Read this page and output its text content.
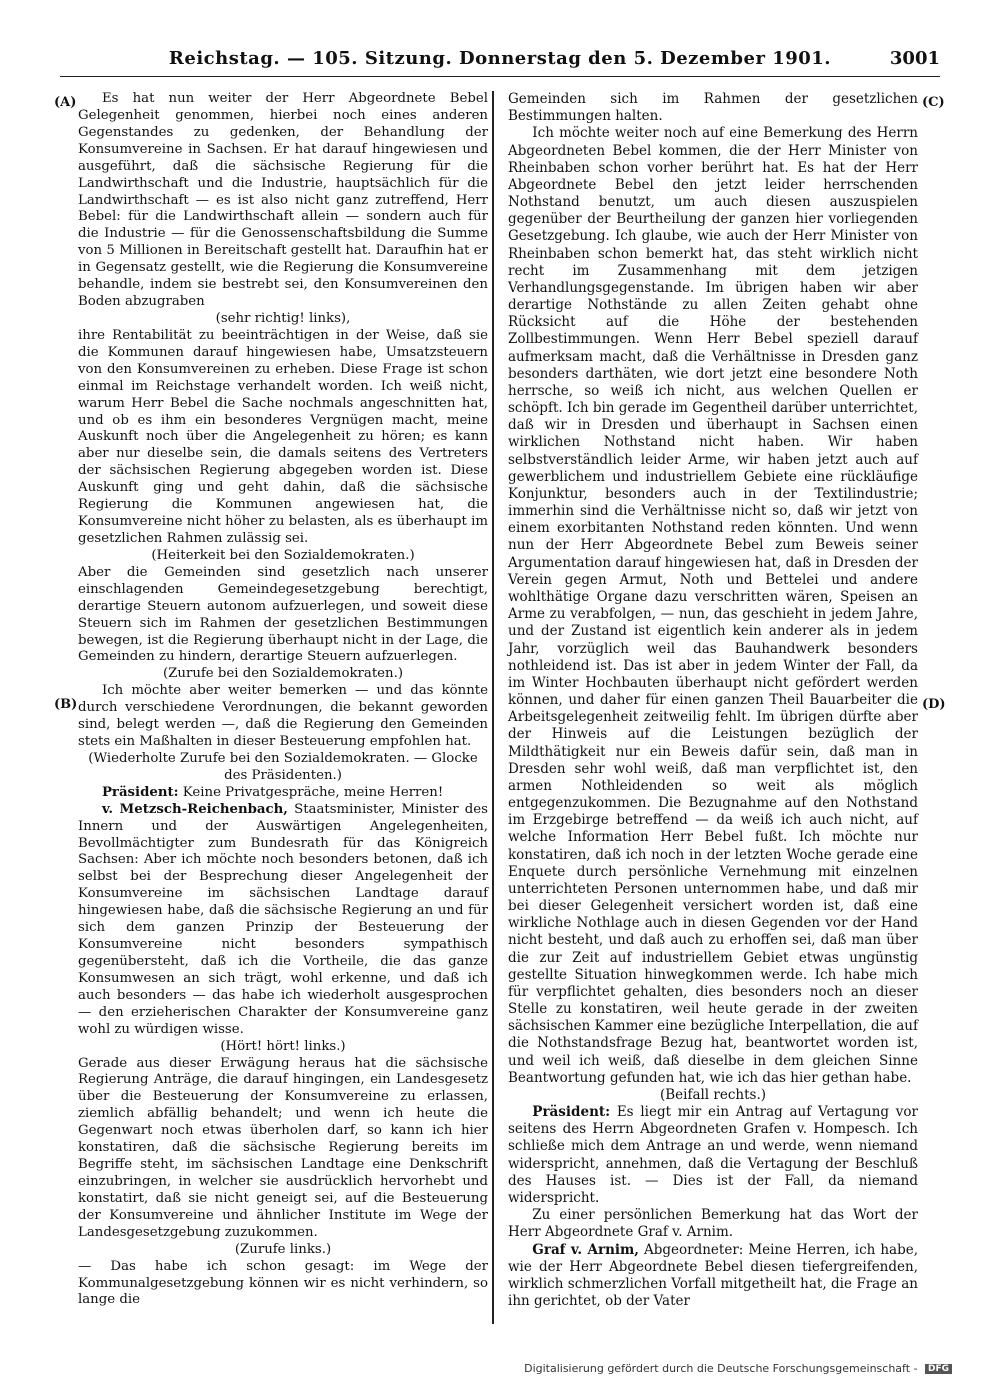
Reichstag. — 105. Sitzung. Donnerstag den 5. Dezember 1901.	3001
(A)
(B)
(C)
(D)

Es hat nun weiter der Herr Abgeordnete Bebel Gelegenheit genommen, hierbei noch eines anderen Gegenstandes zu gedenken, der Behandlung der Konsumvereine in Sachsen. Er hat darauf hingewiesen und ausgeführt, daß die sächsische Regierung für die Landwirthschaft und die Industrie, hauptsächlich für die Landwirthschaft — es ist also nicht ganz zutreffend, Herr Bebel: für die Landwirthschaft allein — sondern auch für die Industrie — für die Genossenschaftsbildung die Summe von 5 Millionen in Bereitschaft gestellt hat. Daraufhin hat er in Gegensatz gestellt, wie die Regierung die Konsumvereine behandle, indem sie bestrebt sei, den Konsumvereinen den Boden abzugraben

(sehr richtig! links),

ihre Rentabilität zu beeinträchtigen in der Weise, daß sie die Kommunen darauf hingewiesen habe, Umsatzsteuern von den Konsumvereinen zu erheben. Diese Frage ist schon einmal im Reichstage verhandelt worden. Ich weiß nicht, warum Herr Bebel die Sache nochmals angeschnitten hat, und ob es ihm ein besonderes Vergnügen macht, meine Auskunft noch über die Angelegenheit zu hören; es kann aber nur dieselbe sein, die damals seitens des Vertreters der sächsischen Regierung abgegeben worden ist. Diese Auskunft ging und geht dahin, daß die sächsische Regierung die Kommunen angewiesen hat, die Konsumvereine nicht höher zu belasten, als es überhaupt im gesetzlichen Rahmen zulässig sei.

(Heiterkeit bei den Sozialdemokraten.)

Aber die Gemeinden sind gesetzlich nach unserer einschlagenden Gemeindegesetzgebung berechtigt, derartige Steuern autonom aufzuerlegen, und soweit diese Steuern sich im Rahmen der gesetzlichen Bestimmungen bewegen, ist die Regierung überhaupt nicht in der Lage, die Gemeinden zu hindern, derartige Steuern aufzuerlegen.

(Zurufe bei den Sozialdemokraten.)

Ich möchte aber weiter bemerken — und das könnte durch verschiedene Verordnungen, die bekannt geworden sind, belegt werden —, daß die Regierung den Gemeinden stets ein Maßhalten in dieser Besteuerung empfohlen hat.

(Wiederholte Zurufe bei den Sozialdemokraten. — Glocke des Präsidenten.)

Präsident: Keine Privatgespräche, meine Herren!

v. Metzsch-Reichenbach, Staatsminister, Minister des Innern und der Auswärtigen Angelegenheiten, Bevollmächtigter zum Bundesrath für das Königreich Sachsen: Aber ich möchte noch besonders betonen, daß ich selbst bei der Besprechung dieser Angelegenheit der Konsumvereine im sächsischen Landtage darauf hingewiesen habe, daß die sächsische Regierung an und für sich dem ganzen Prinzip der Besteuerung der Konsumvereine nicht besonders sympathisch gegenübersteht, daß ich die Vortheile, die das ganze Konsumwesen an sich trägt, wohl erkenne, und daß ich auch besonders — das habe ich wiederholt ausgesprochen — den erzieherischen Charakter der Konsumvereine ganz wohl zu würdigen wisse.

(Hört! hört! links.)

Gerade aus dieser Erwägung heraus hat die sächsische Regierung Anträge, die darauf hingingen, ein Landesgesetz über die Besteuerung der Konsumvereine zu erlassen, ziemlich abfällig behandelt; und wenn ich heute die Gegenwart noch etwas überholen darf, so kann ich hier konstatiren, daß die sächsische Regierung bereits im Begriffe steht, im sächsischen Landtage eine Denkschrift einzubringen, in welcher sie ausdrücklich hervorhebt und konstatirt, daß sie nicht geneigt sei, auf die Besteuerung der Konsumvereine und ähnlicher Institute im Wege der Landesgesetzgebung zuzukommen.

(Zurufe links.)

— Das habe ich schon gesagt: im Wege der Kommunalgesetzgebung können wir es nicht verhindern, so lange die

Gemeinden sich im Rahmen der gesetzlichen Bestimmungen halten.

Ich möchte weiter noch auf eine Bemerkung des Herrn Abgeordneten Bebel kommen, die der Herr Minister von Rheinbaben schon vorher berührt hat. Es hat der Herr Abgeordnete Bebel den jetzt leider herrschenden Nothstand benutzt, um auch diesen auszuspielen gegenüber der Beurtheilung der ganzen hier vorliegenden Gesetzgebung. Ich glaube, wie auch der Herr Minister von Rheinbaben schon bemerkt hat, das steht wirklich nicht recht im Zusammenhang mit dem jetzigen Verhandlungsgegenstande. Im übrigen haben wir aber derartige Nothstände zu allen Zeiten gehabt ohne Rücksicht auf die Höhe der bestehenden Zollbestimmungen. Wenn Herr Bebel speziell darauf aufmerksam macht, daß die Verhältnisse in Dresden ganz besonders darthäten, wie dort jetzt eine besondere Noth herrsche, so weiß ich nicht, aus welchen Quellen er schöpft. Ich bin gerade im Gegentheil darüber unterrichtet, daß wir in Dresden und überhaupt in Sachsen einen wirklichen Nothstand nicht haben. Wir haben selbstverständlich leider Arme, wir haben jetzt auch auf gewerblichem und industriellem Gebiete eine rückläufige Konjunktur, besonders auch in der Textilindustrie; immerhin sind die Verhältnisse nicht so, daß wir jetzt von einem exorbitanten Nothstand reden könnten. Und wenn nun der Herr Abgeordnete Bebel zum Beweis seiner Argumentation darauf hingewiesen hat, daß in Dresden der Verein gegen Armut, Noth und Bettelei und andere wohlthätige Organe dazu verschritten wären, Speisen an Arme zu verabfolgen, — nun, das geschieht in jedem Jahre, und der Zustand ist eigentlich kein anderer als in jedem Jahr, vorzüglich weil das Bauhandwerk besonders nothleidend ist. Das ist aber in jedem Winter der Fall, da im Winter Hochbauten überhaupt nicht gefördert werden können, und daher für einen ganzen Theil Bauarbeiter die Arbeitsgelegenheit zeitweilig fehlt. Im übrigen dürfte aber der Hinweis auf die Leistungen bezüglich der Mildthätigkeit nur ein Beweis dafür sein, daß man in Dresden sehr wohl weiß, daß man verpflichtet ist, den armen Nothleidenden so weit als möglich entgegenzukommen. Die Bezugnahme auf den Nothstand im Erzgebirge betreffend — da weiß ich auch nicht, auf welche Information Herr Bebel fußt. Ich möchte nur konstatiren, daß ich noch in der letzten Woche gerade eine Enquete durch persönliche Vernehmung mit einzelnen unterrichteten Personen unternommen habe, und daß mir bei dieser Gelegenheit versichert worden ist, daß eine wirkliche Nothlage auch in diesen Gegenden vor der Hand nicht besteht, und daß auch zu erhoffen sei, daß man über die zur Zeit auf industriellem Gebiet etwas ungünstig gestellte Situation hinwegkommen werde. Ich habe mich für verpflichtet gehalten, dies besonders noch an dieser Stelle zu konstatiren, weil heute gerade in der zweiten sächsischen Kammer eine bezügliche Interpellation, die auf die Nothstandsfrage Bezug hat, beantwortet worden ist, und weil ich weiß, daß dieselbe in dem gleichen Sinne Beantwortung gefunden hat, wie ich das hier gethan habe.

(Beifall rechts.)

Präsident: Es liegt mir ein Antrag auf Vertagung vor seitens des Herrn Abgeordneten Grafen v. Hompesch. Ich schließe mich dem Antrage an und werde, wenn niemand widerspricht, annehmen, daß die Vertagung der Beschluß des Hauses ist. — Dies ist der Fall, da niemand widerspricht.

Zu einer persönlichen Bemerkung hat das Wort der Herr Abgeordnete Graf v. Arnim.

Graf v. Arnim, Abgeordneter: Meine Herren, ich habe, wie der Herr Abgeordnete Bebel diesen tiefergreifenden, wirklich schmerzlichen Vorfall mitgetheilt hat, die Frage an ihn gerichtet, ob der Vater

Digitalisierung gefördert durch die Deutsche Forschungsgemeinschaft - DFG
